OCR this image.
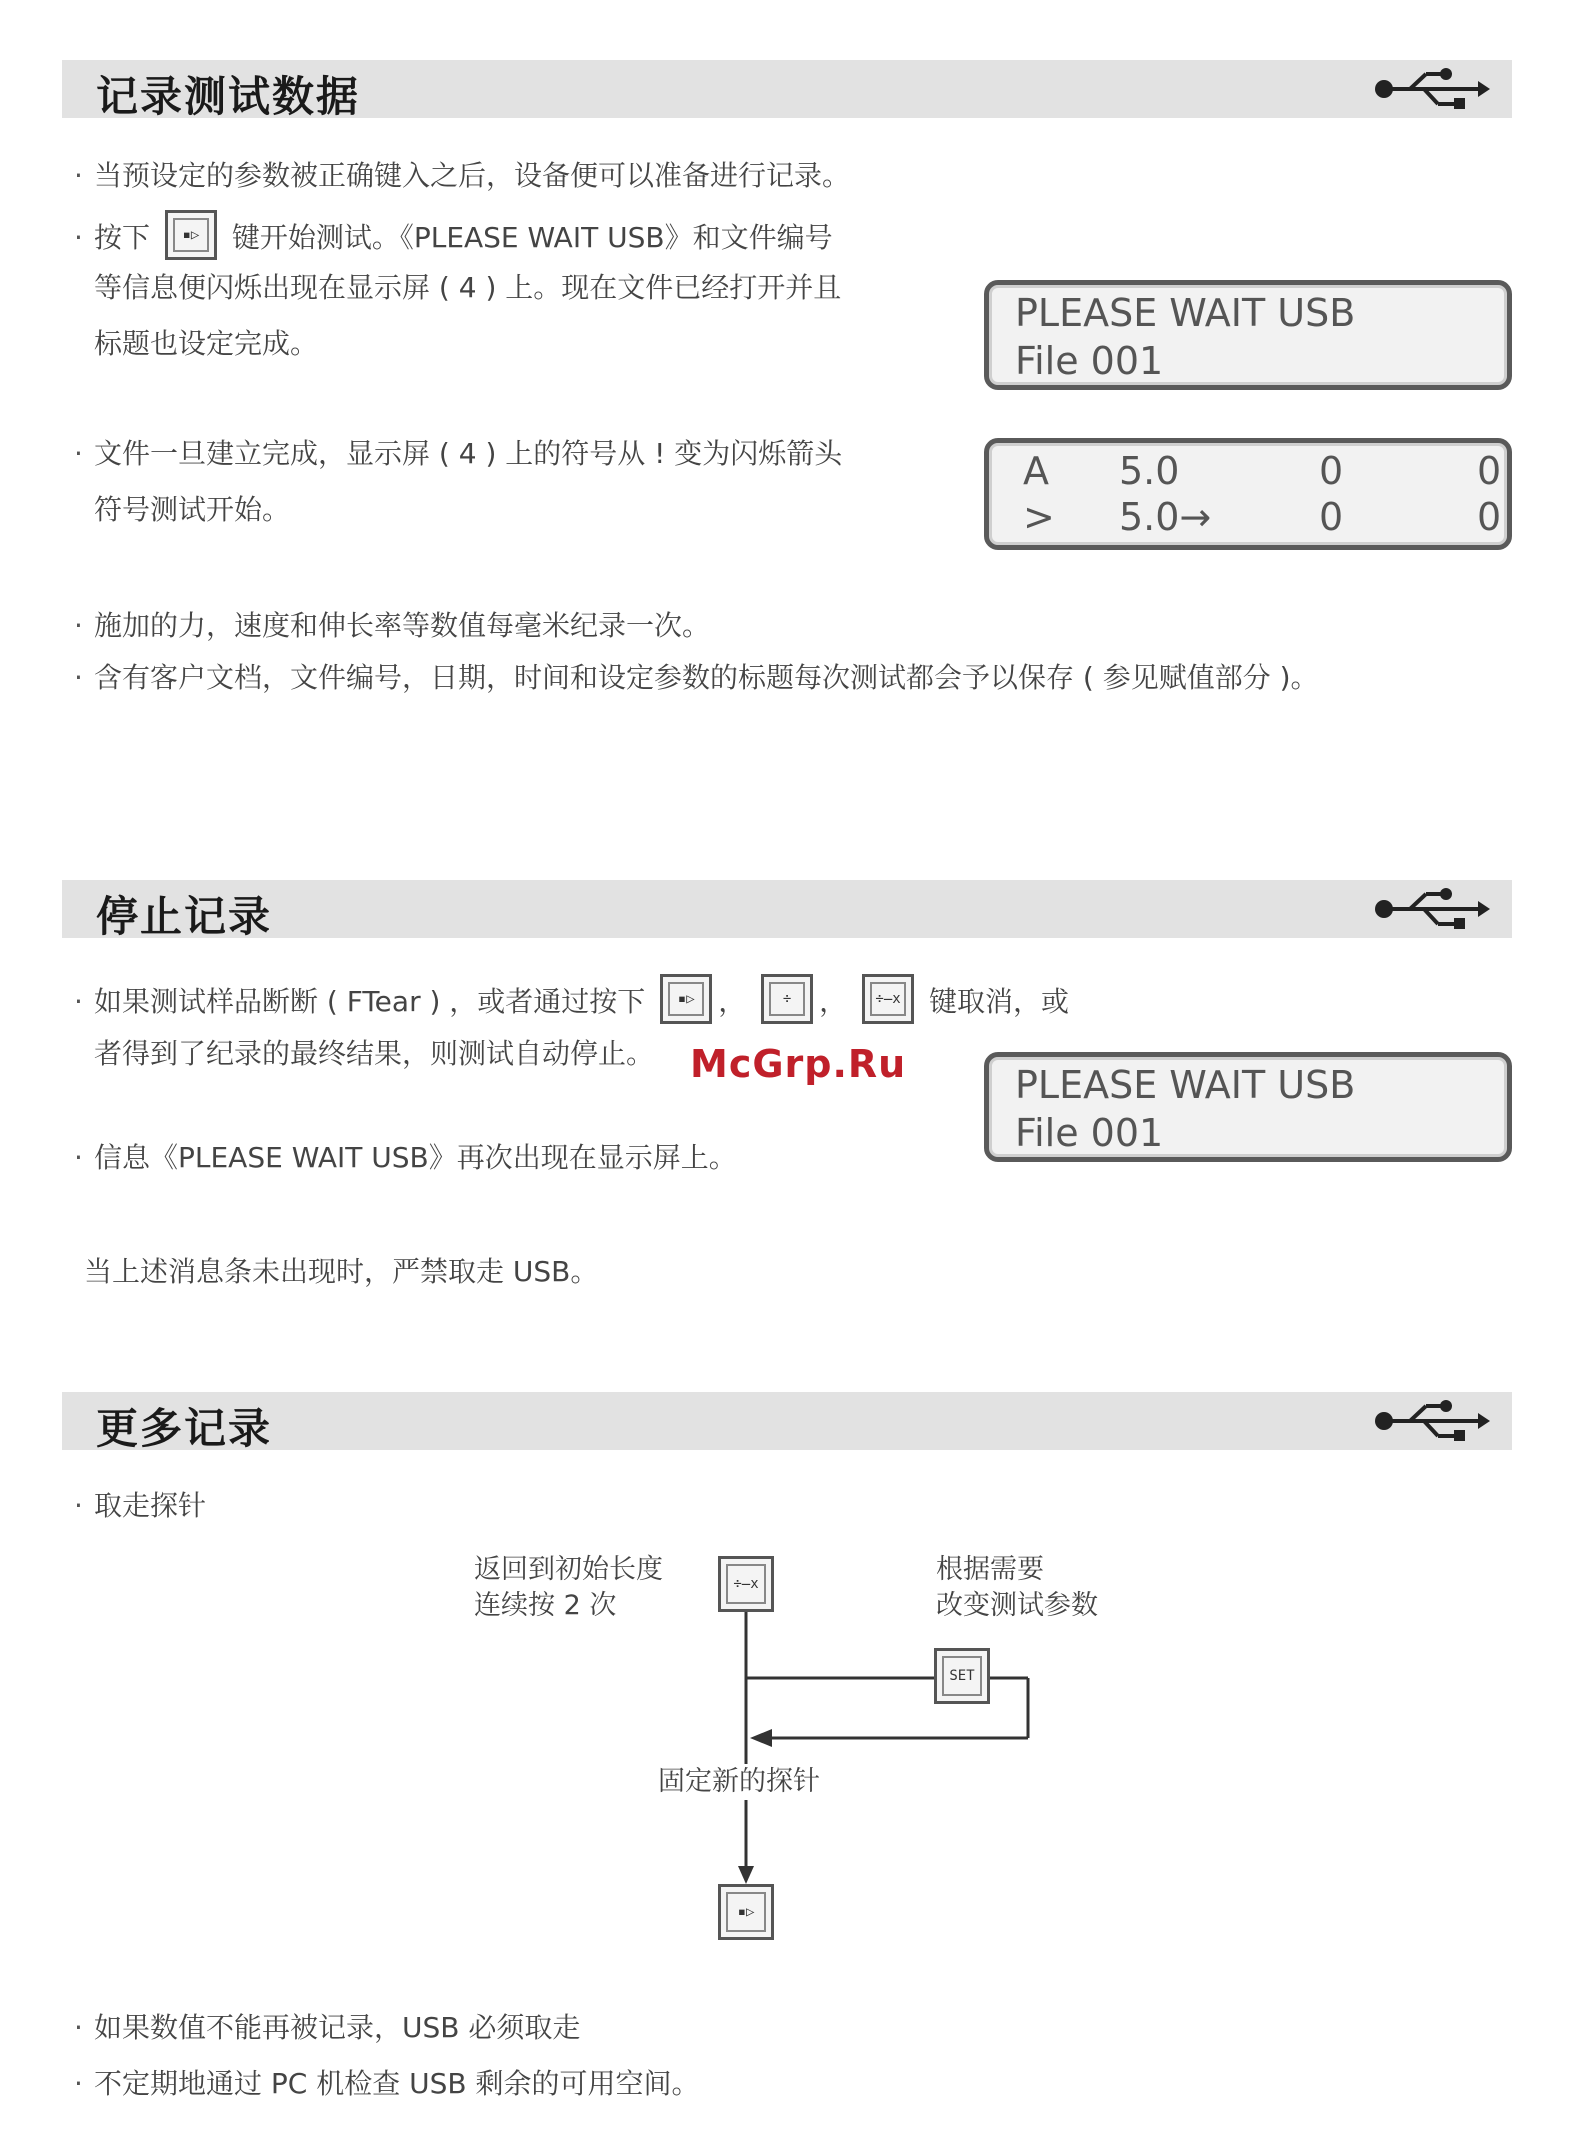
记录测试数据
· 当预设定的参数被正确键入之后，设备便可以准备进行记录。
· 按下	▪▷	键开始测试。《PLEASE WAIT USB》和文件编号
等信息便闪烁出现在显示屏 ( 4 ) 上。现在文件已经打开并且
标题也设定完成。
PLEASE WAIT USB
File 001
· 文件一旦建立完成，显示屏 ( 4 ) 上的符号从 ! 变为闪烁箭头
符号测试开始。
A 5.0	0	0
> 5.0→	0	0
· 施加的力，速度和伸长率等数值每毫米纪录一次。
· 含有客户文档，文件编号，日期，时间和设定参数的标题每次测试都会予以保存 ( 参见赋值部分 )。
停止记录
· 如果测试样品断断 ( FTear ) ，或者通过按下	▪▷ ，	÷ ，	÷̶x 键取消，或
者得到了纪录的最终结果，则测试自动停止。 McGrp.Ru	PLEASE WAIT USB
File 001
· 信息《PLEASE WAIT USB》再次出现在显示屏上。
当上述消息条未出现时，严禁取走 USB。
更多记录
· 取走探针
返回到初始长度
连续按 2 次
÷̶x	根据需要
改变测试参数
SET
固定新的探针
▪▷
· 如果数值不能再被记录，USB 必须取走
· 不定期地通过 PC 机检查 USB 剩余的可用空间。
